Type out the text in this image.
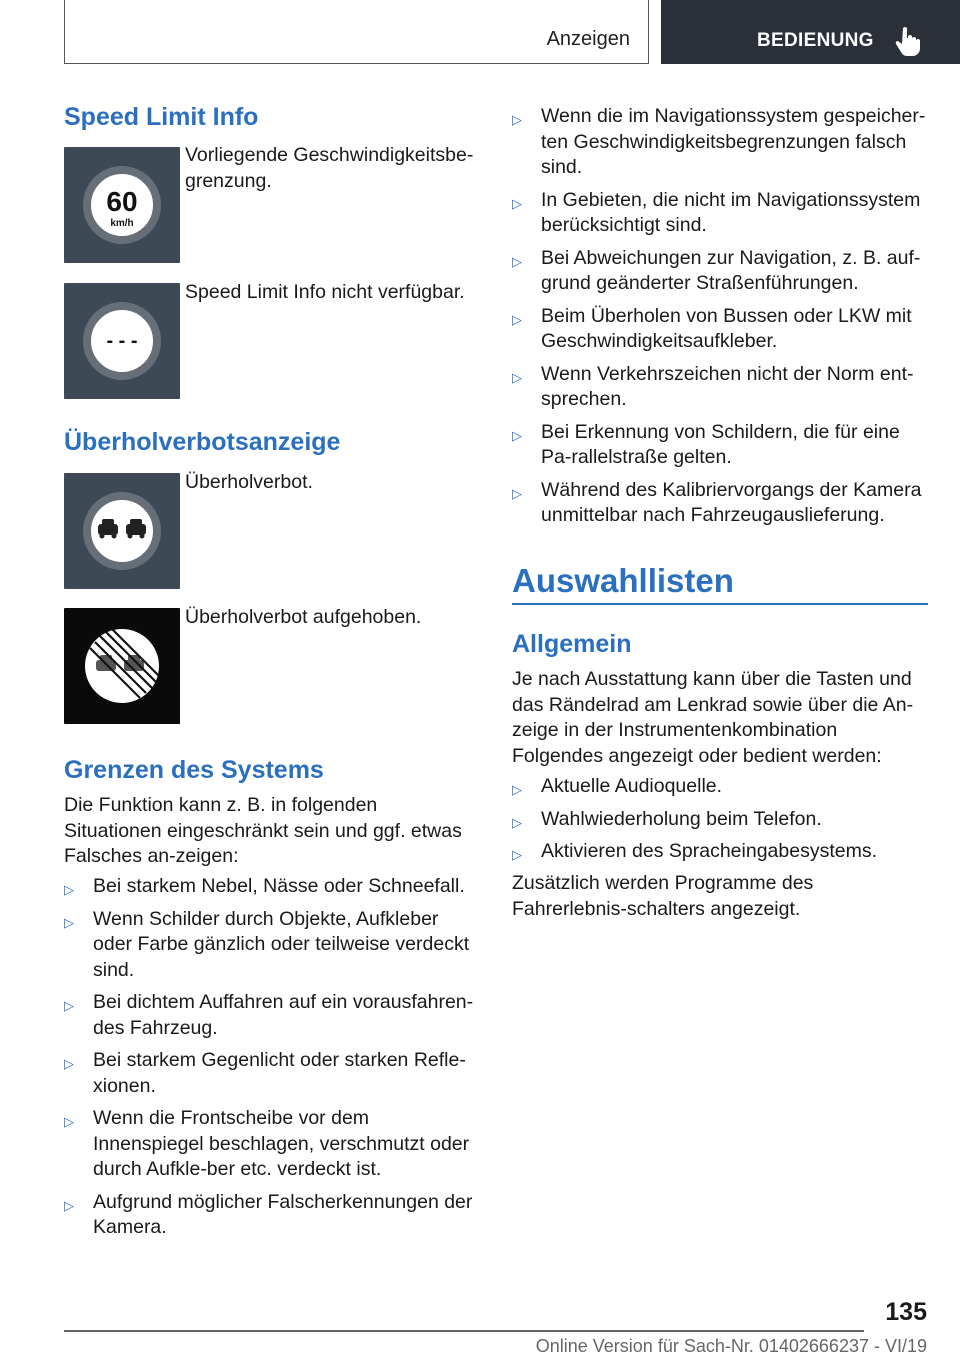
Anzeigen	BEDIENUNG
Speed Limit Info
60
km/h
Vorliegende Geschwindigkeitsbe-grenzung.
- - -
Speed Limit Info nicht verfügbar.
Überholverbotsanzeige
Überholverbot.
Überholverbot aufgehoben.
Grenzen des Systems
Die Funktion kann z. B. in folgenden Situationen eingeschränkt sein und ggf. etwas Falsches an-zeigen:
▷ Bei starkem Nebel, Nässe oder Schneefall.
▷ Wenn Schilder durch Objekte, Aufkleber oder Farbe gänzlich oder teilweise verdeckt sind.
▷ Bei dichtem Auffahren auf ein vorausfahren-des Fahrzeug.
▷ Bei starkem Gegenlicht oder starken Refle-xionen.
▷ Wenn die Frontscheibe vor dem Innenspiegel beschlagen, verschmutzt oder durch Aufkle-ber etc. verdeckt ist.
▷ Aufgrund möglicher Falscherkennungen der Kamera.
▷ Wenn die im Navigationssystem gespeicher-ten Geschwindigkeitsbegrenzungen falsch sind.
▷ In Gebieten, die nicht im Navigationssystem berücksichtigt sind.
▷ Bei Abweichungen zur Navigation, z. B. auf-grund geänderter Straßenführungen.
▷ Beim Überholen von Bussen oder LKW mit Geschwindigkeitsaufkleber.
▷ Wenn Verkehrszeichen nicht der Norm ent-sprechen.
▷ Bei Erkennung von Schildern, die für eine Pa-rallelstraße gelten.
▷ Während des Kalibriervorgangs der Kamera unmittelbar nach Fahrzeugauslieferung.
Auswahllisten
Allgemein
Je nach Ausstattung kann über die Tasten und das Rändelrad am Lenkrad sowie über die An-zeige in der Instrumentenkombination Folgendes angezeigt oder bedient werden:
▷ Aktuelle Audioquelle.
▷ Wahlwiederholung beim Telefon.
▷ Aktivieren des Spracheingabesystems.
Zusätzlich werden Programme des Fahrerlebnis-schalters angezeigt.
135
Online Version für Sach-Nr. 01402666237 - VI/19
